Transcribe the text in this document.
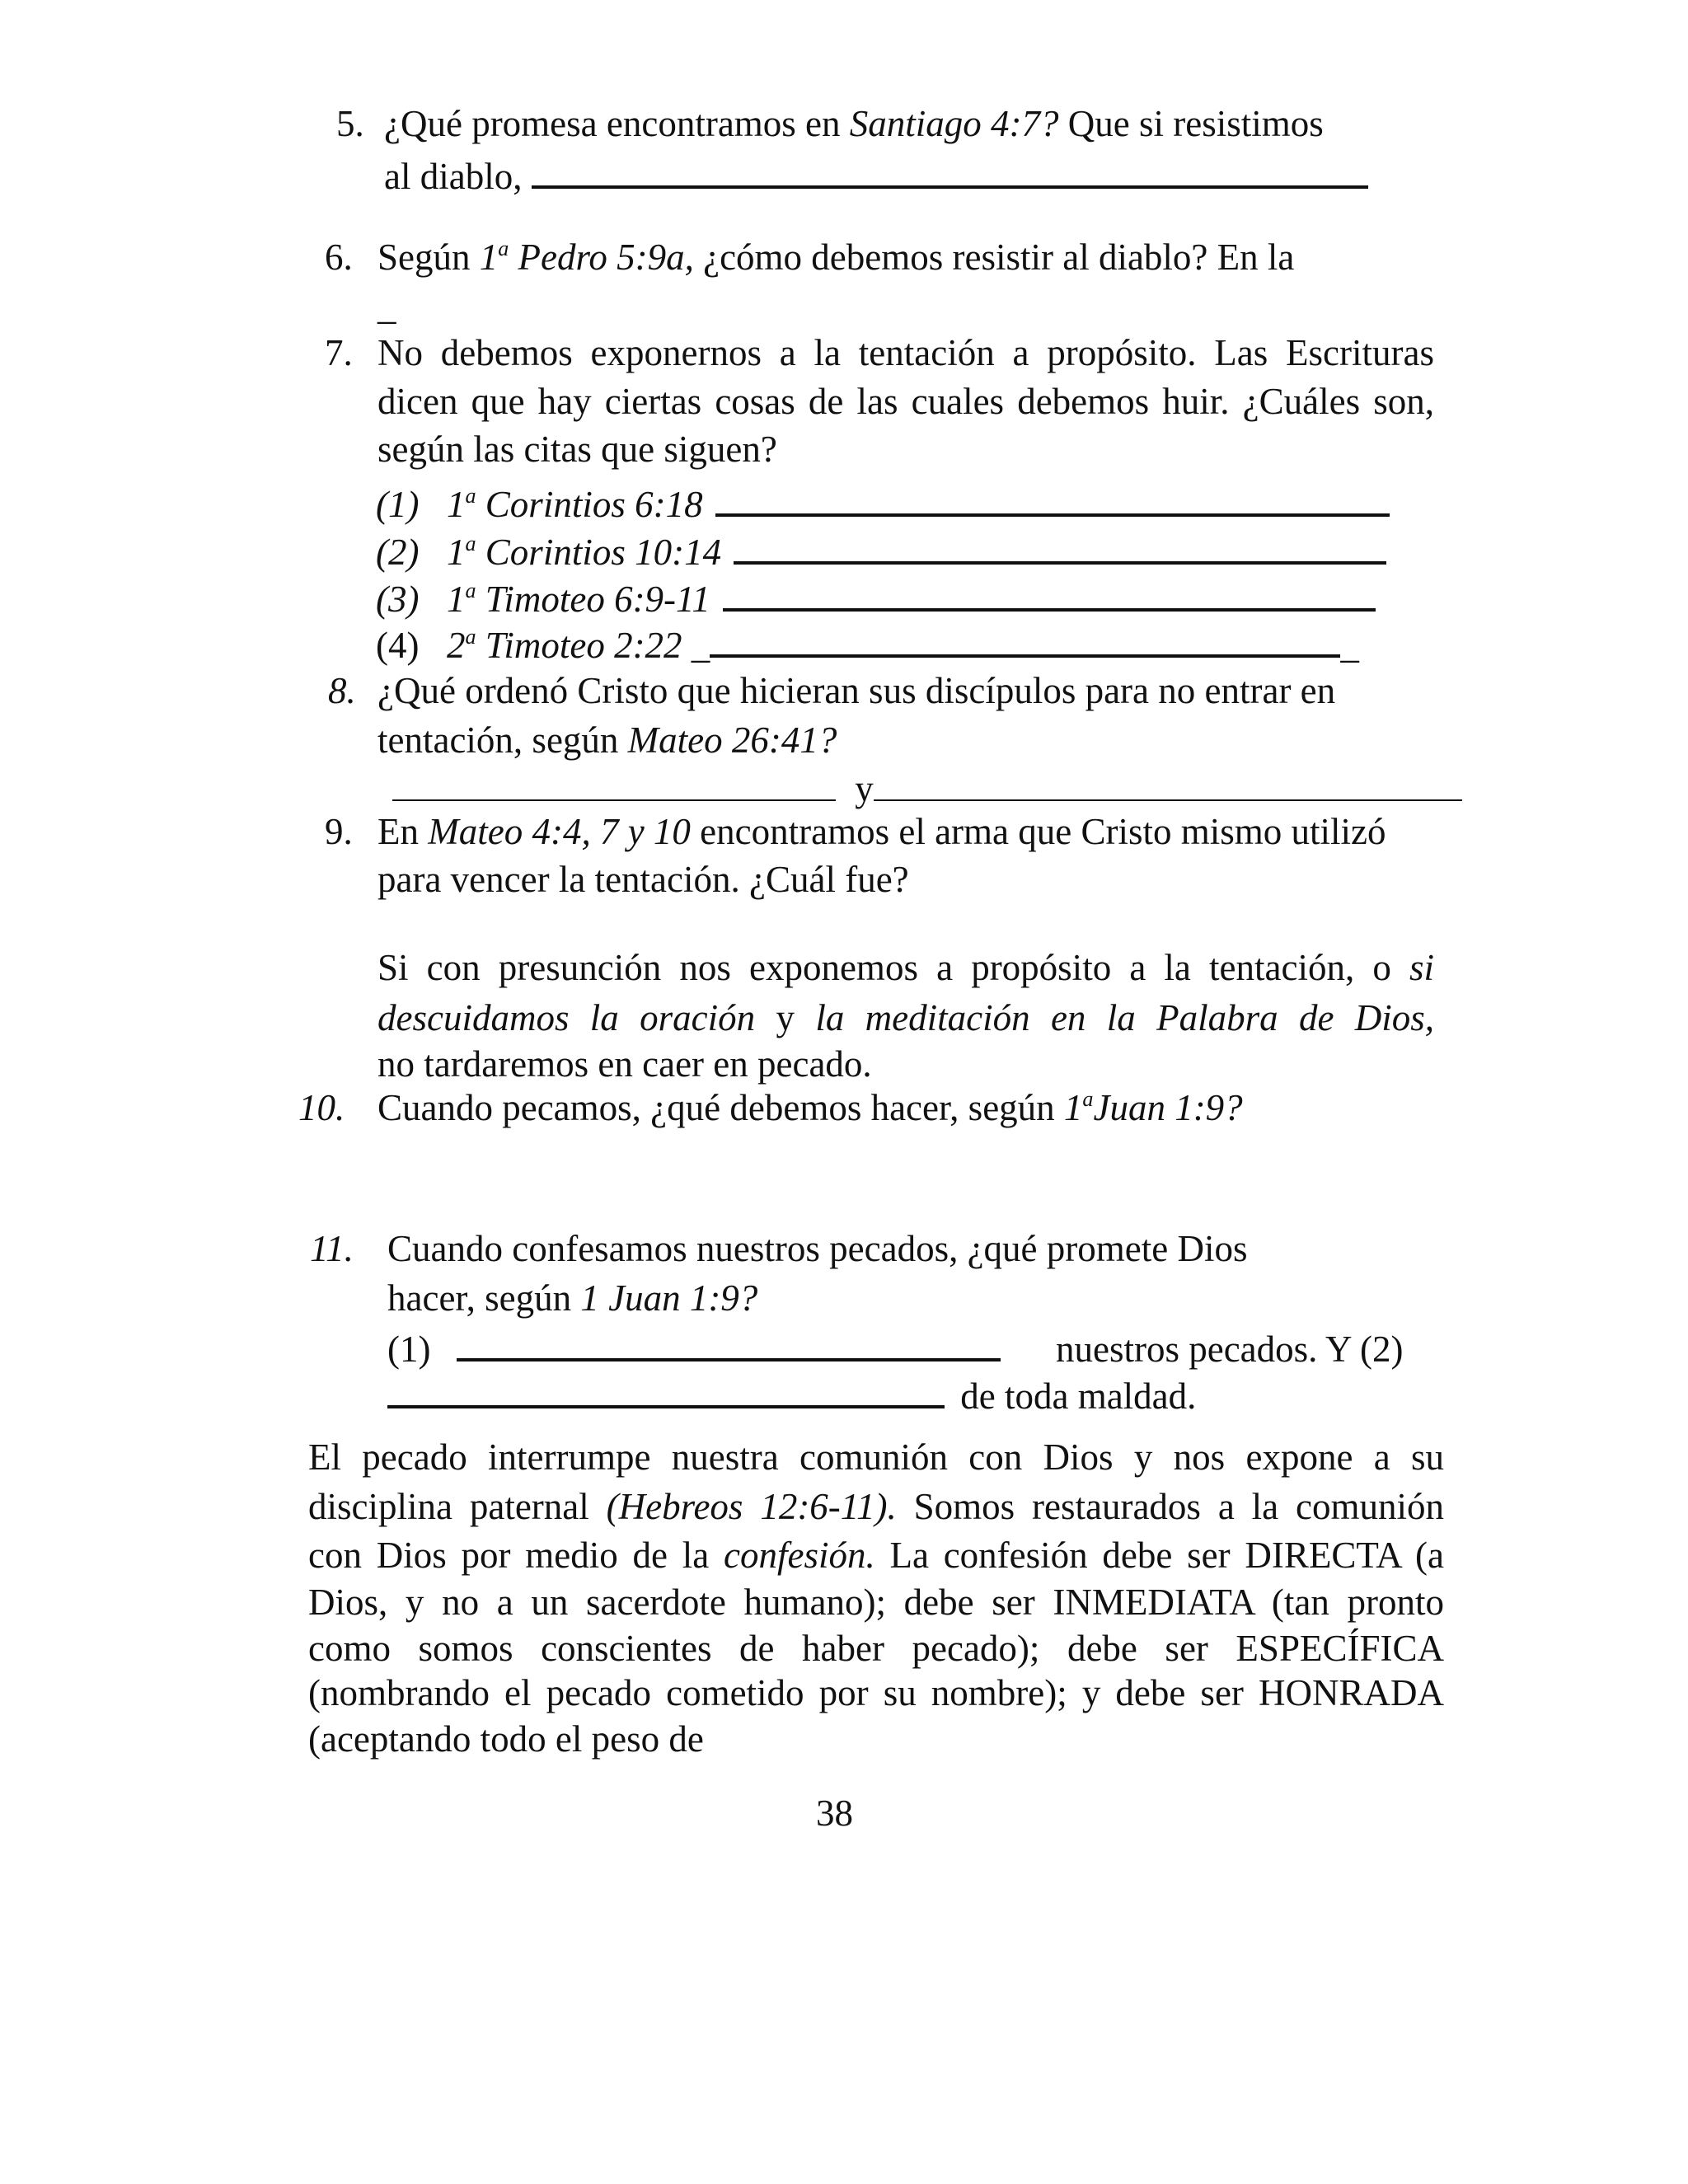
5. ¿Qué promesa encontramos en Santiago 4:7? Que si resistimos
al diablo,
6. Según 1$^a$ Pedro 5:9a, ¿cómo debemos resistir al diablo? En la
_
7. No debemos exponernos a la tentación a propósito. Las Escrituras
dicen que hay ciertas cosas de las cuales debemos huir. ¿Cuáles son,
según las citas que siguen?
(1) 1$^a$ Corintios 6:18
(2) 1$^a$ Corintios 10:14
(3) 1$^a$ Timoteo 6:9-11
(4) 2$^a$ Timoteo 2:22 _	_
8. ¿Qué ordenó Cristo que hicieran sus discípulos para no entrar en
tentación, según Mateo 26:41?
y
9. En Mateo 4:4, 7 y 10 encontramos el arma que Cristo mismo utilizó
para vencer la tentación. ¿Cuál fue?
Si con presunción nos exponemos a propósito a la tentación, o si
descuidamos la oración y la meditación en la Palabra de Dios,
no tardaremos en caer en pecado.
10. Cuando pecamos, ¿qué debemos hacer, según 1$^a$Juan 1:9?
11. Cuando confesamos nuestros pecados, ¿qué promete Dios
hacer, según 1 Juan 1:9?
(1)	nuestros pecados. Y (2)
de toda maldad.
El pecado interrumpe nuestra comunión con Dios y nos expone a su
disciplina paternal (Hebreos 12:6-11). Somos restaurados a la comunión
con Dios por medio de la confesión. La confesión debe ser DIRECTA (a
Dios, y no a un sacerdote humano); debe ser INMEDIATA (tan pronto
como somos conscientes de haber pecado); debe ser ESPECÍFICA
(nombrando el pecado cometido por su nombre); y debe ser HONRADA
(aceptando todo el peso de
38
